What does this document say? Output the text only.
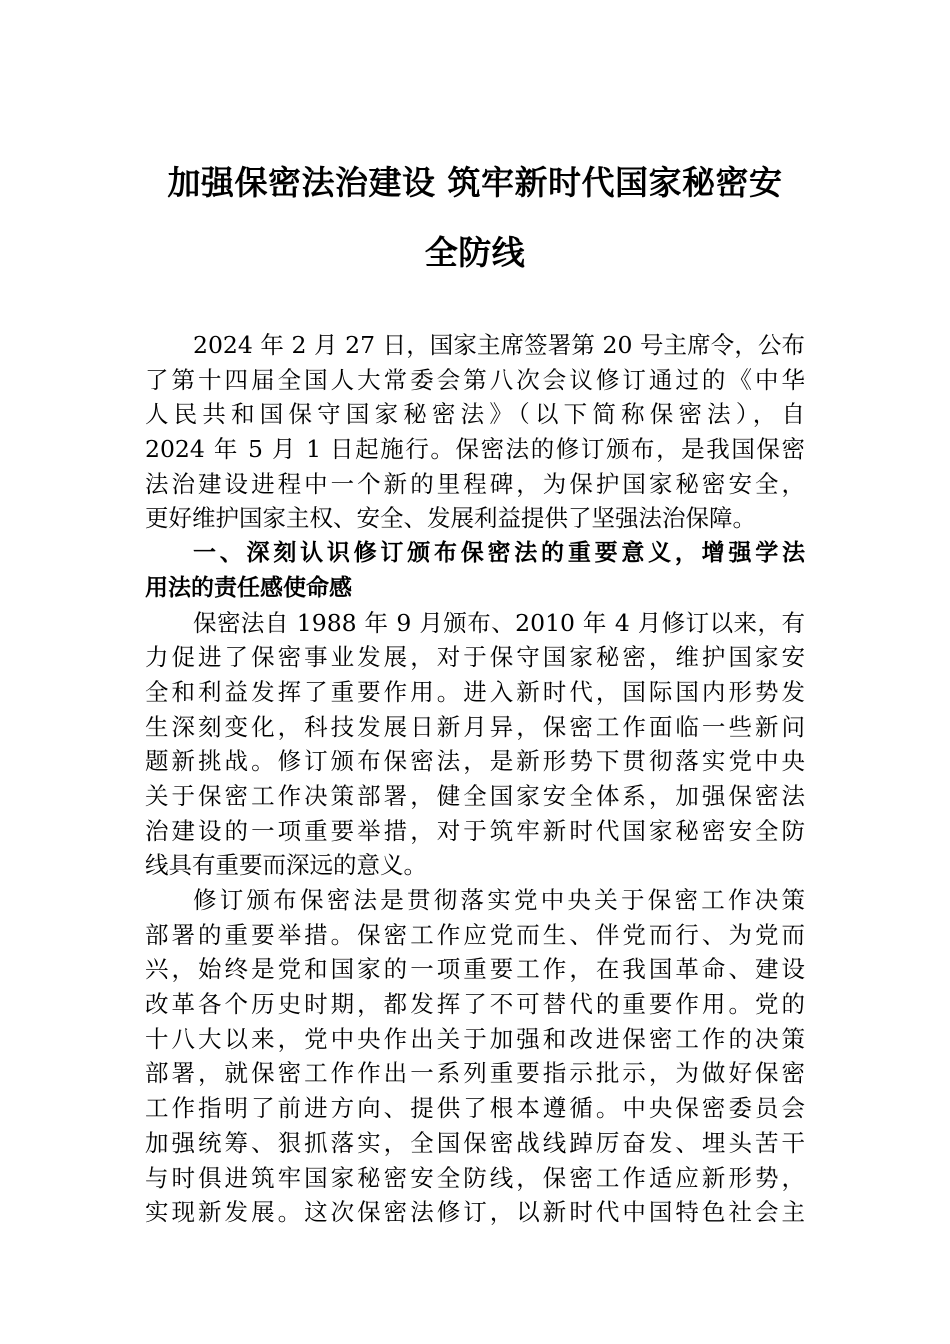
加强保密法治建设 筑牢新时代国家秘密安
全防线
2024 年 2 月 27 日，国家主席签署第 20 号主席令，公布
了第十四届全国人大常委会第八次会议修订通过的《中华
人民共和国保守国家秘密法》（以下简称保密法），自
2024 年 5 月 1 日起施行。保密法的修订颁布，是我国保密
法治建设进程中一个新的里程碑，为保护国家秘密安全，
更好维护国家主权、安全、发展利益提供了坚强法治保障。
一、深刻认识修订颁布保密法的重要意义，增强学法
用法的责任感使命感
保密法自 1988 年 9 月颁布、2010 年 4 月修订以来，有
力促进了保密事业发展，对于保守国家秘密，维护国家安
全和利益发挥了重要作用。进入新时代，国际国内形势发
生深刻变化，科技发展日新月异，保密工作面临一些新问
题新挑战。修订颁布保密法，是新形势下贯彻落实党中央
关于保密工作决策部署，健全国家安全体系，加强保密法
治建设的一项重要举措，对于筑牢新时代国家秘密安全防
线具有重要而深远的意义。
修订颁布保密法是贯彻落实党中央关于保密工作决策
部署的重要举措。保密工作应党而生、伴党而行、为党而
兴，始终是党和国家的一项重要工作，在我国革命、建设
改革各个历史时期，都发挥了不可替代的重要作用。党的
十八大以来，党中央作出关于加强和改进保密工作的决策
部署，就保密工作作出一系列重要指示批示，为做好保密
工作指明了前进方向、提供了根本遵循。中央保密委员会
加强统筹、狠抓落实，全国保密战线踔厉奋发、埋头苦干
与时俱进筑牢国家秘密安全防线，保密工作适应新形势，
实现新发展。这次保密法修订，以新时代中国特色社会主
